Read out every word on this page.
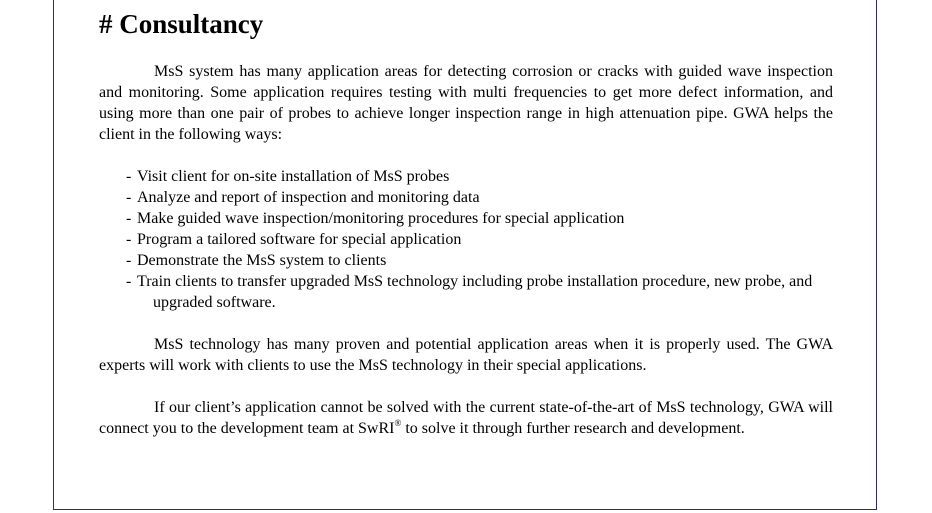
# Consultancy

MsS system has many application areas for detecting corrosion or cracks with guided wave inspection and monitoring. Some application requires testing with multi frequencies to get more defect information, and using more than one pair of probes to achieve longer inspection range in high attenuation pipe. GWA helps the client in the following ways:

- Visit client for on-site installation of MsS probes
- Analyze and report of inspection and monitoring data
- Make guided wave inspection/monitoring procedures for special application
- Program a tailored software for special application
- Demonstrate the MsS system to clients
- Train clients to transfer upgraded MsS technology including probe installation procedure, new probe, and upgraded software.

MsS technology has many proven and potential application areas when it is properly used. The GWA experts will work with clients to use the MsS technology in their special applications.

If our client’s application cannot be solved with the current state-of-the-art of MsS technology, GWA will connect you to the development team at SwRI® to solve it through further research and development.
